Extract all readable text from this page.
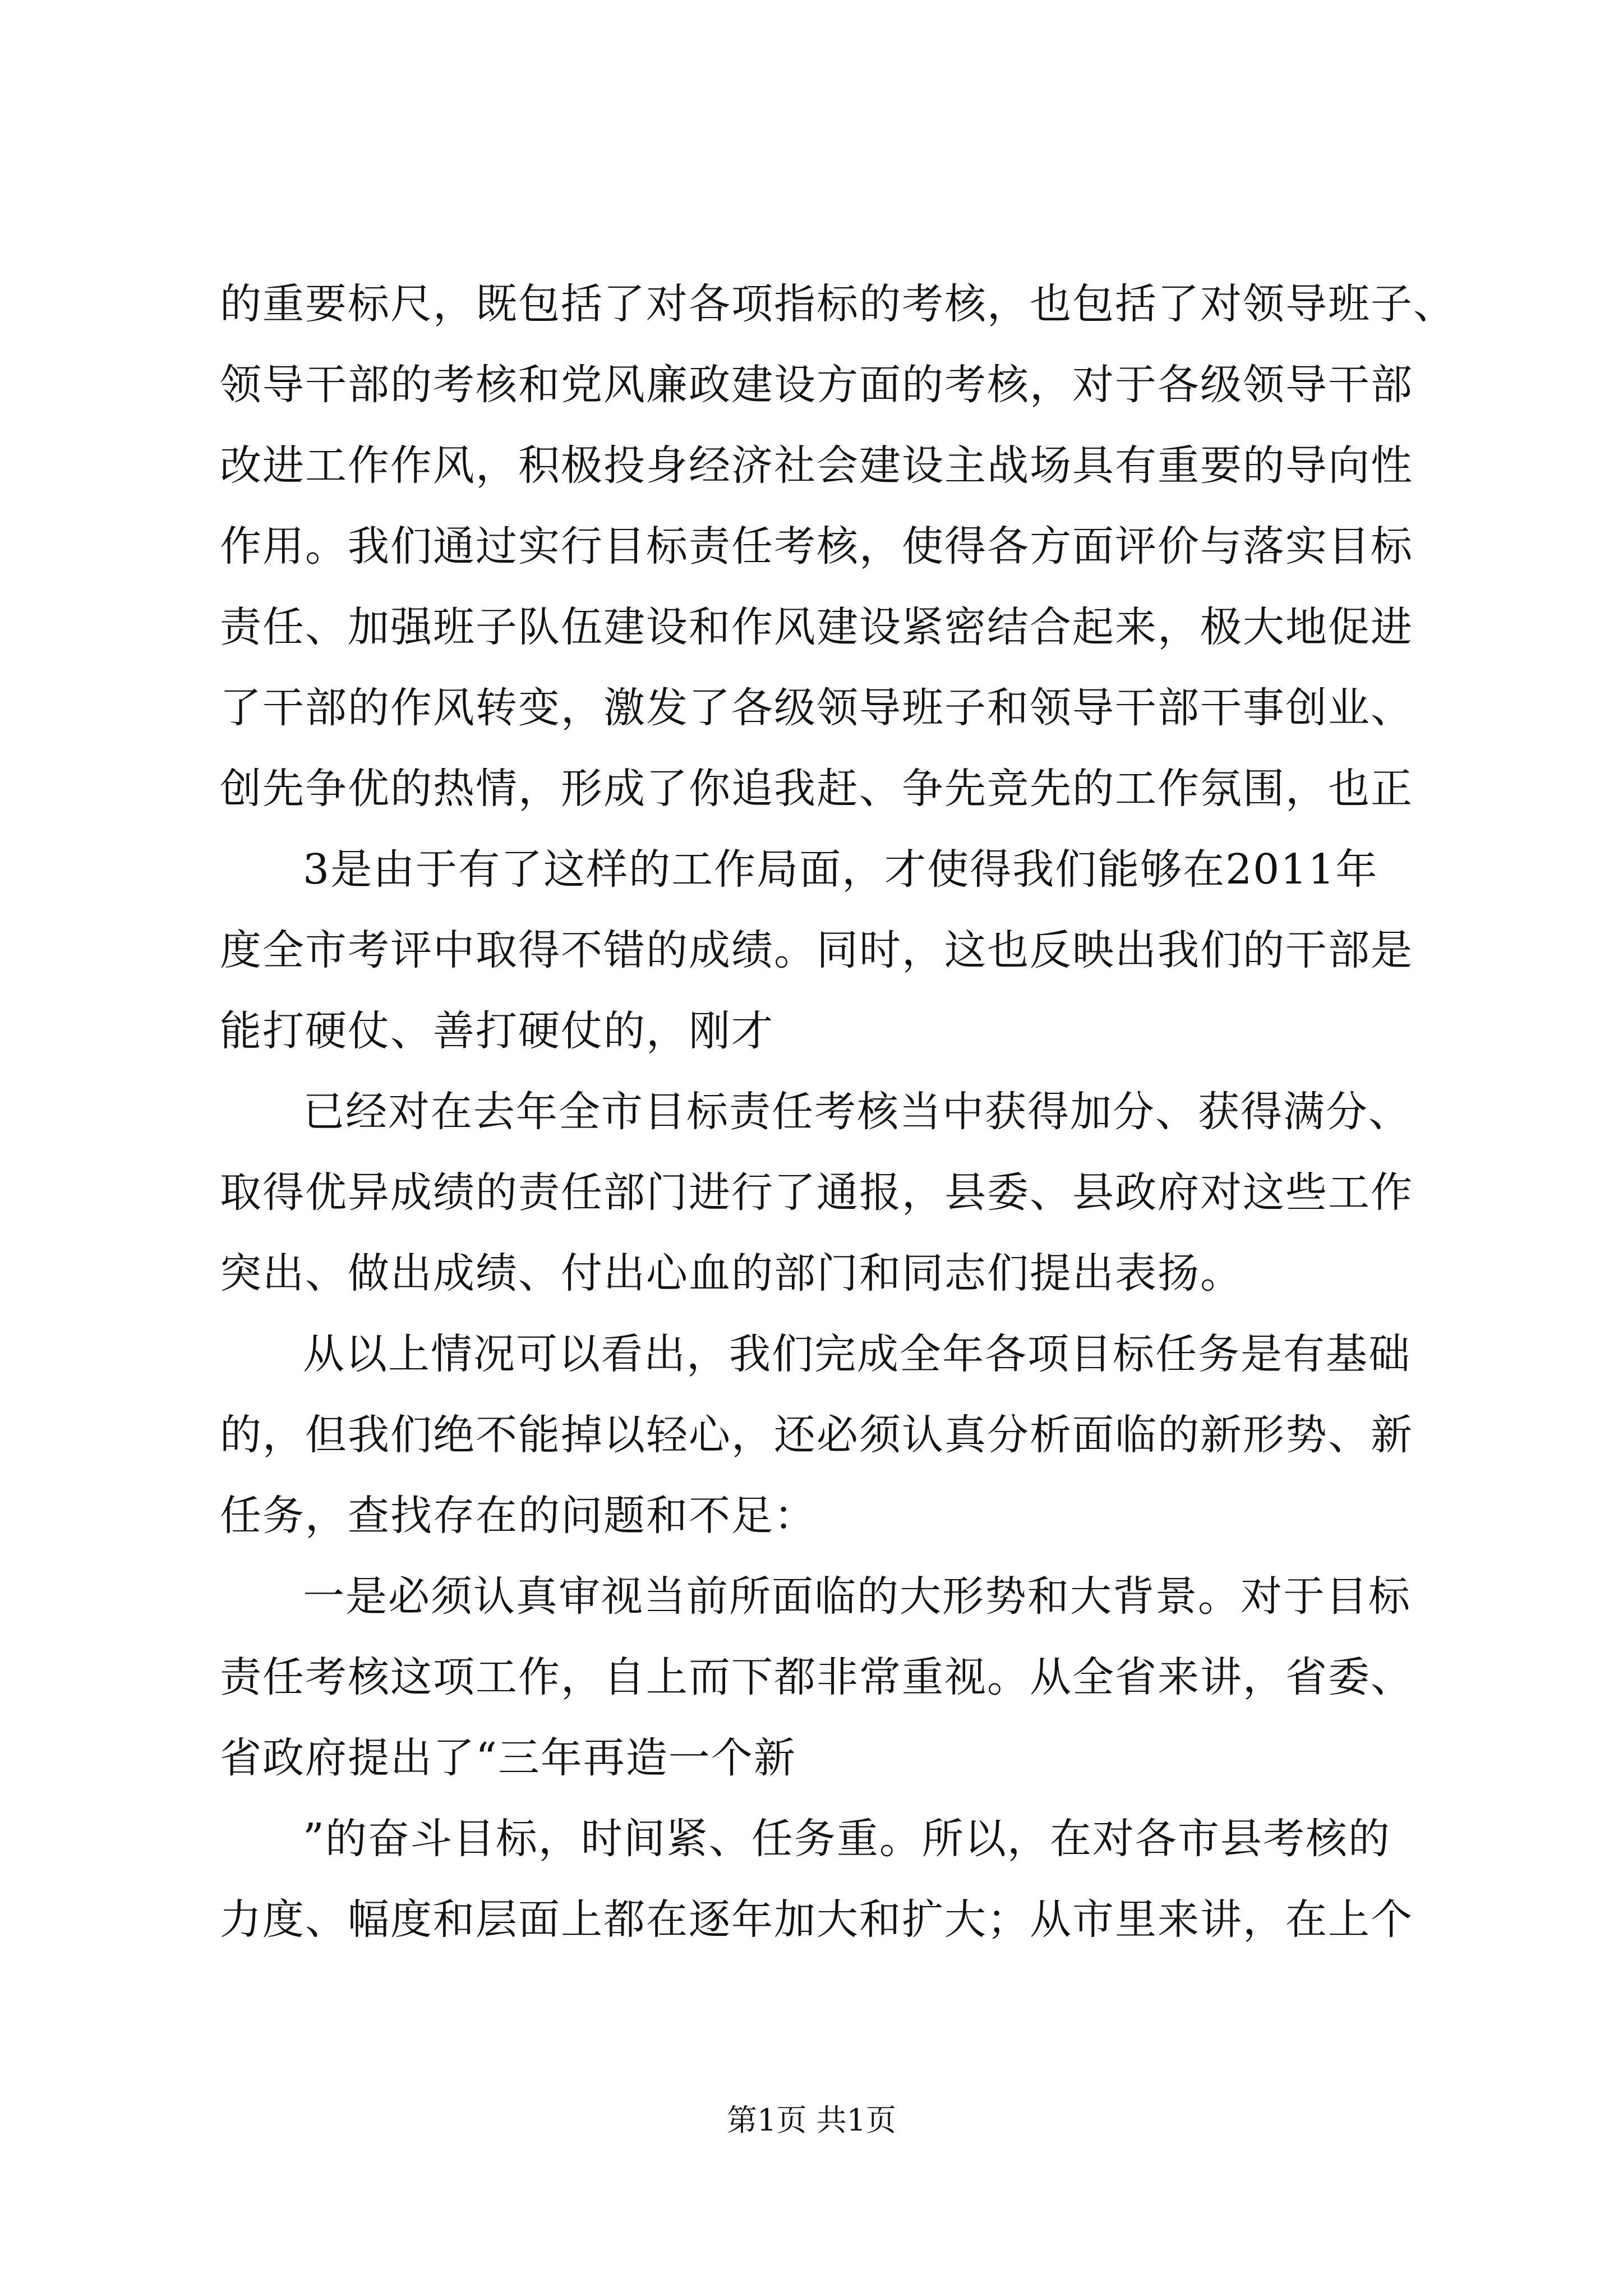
的重要标尺，既包括了对各项指标的考核，也包括了对领导班子、
领导干部的考核和党风廉政建设方面的考核，对于各级领导干部
改进工作作风，积极投身经济社会建设主战场具有重要的导向性
作用。我们通过实行目标责任考核，使得各方面评价与落实目标
责任、加强班子队伍建设和作风建设紧密结合起来，极大地促进
了干部的作风转变，激发了各级领导班子和领导干部干事创业、
创先争优的热情，形成了你追我赶、争先竞先的工作氛围，也正
3是由于有了这样的工作局面，才使得我们能够在2011年
度全市考评中取得不错的成绩。同时，这也反映出我们的干部是
能打硬仗、善打硬仗的，刚才
已经对在去年全市目标责任考核当中获得加分、获得满分、
取得优异成绩的责任部门进行了通报，县委、县政府对这些工作
突出、做出成绩、付出心血的部门和同志们提出表扬。
从以上情况可以看出，我们完成全年各项目标任务是有基础
的，但我们绝不能掉以轻心，还必须认真分析面临的新形势、新
任务，查找存在的问题和不足：
一是必须认真审视当前所面临的大形势和大背景。对于目标
责任考核这项工作，自上而下都非常重视。从全省来讲，省委、
省政府提出了“三年再造一个新
”的奋斗目标，时间紧、任务重。所以，在对各市县考核的
力度、幅度和层面上都在逐年加大和扩大；从市里来讲，在上个
第1页 共1页
